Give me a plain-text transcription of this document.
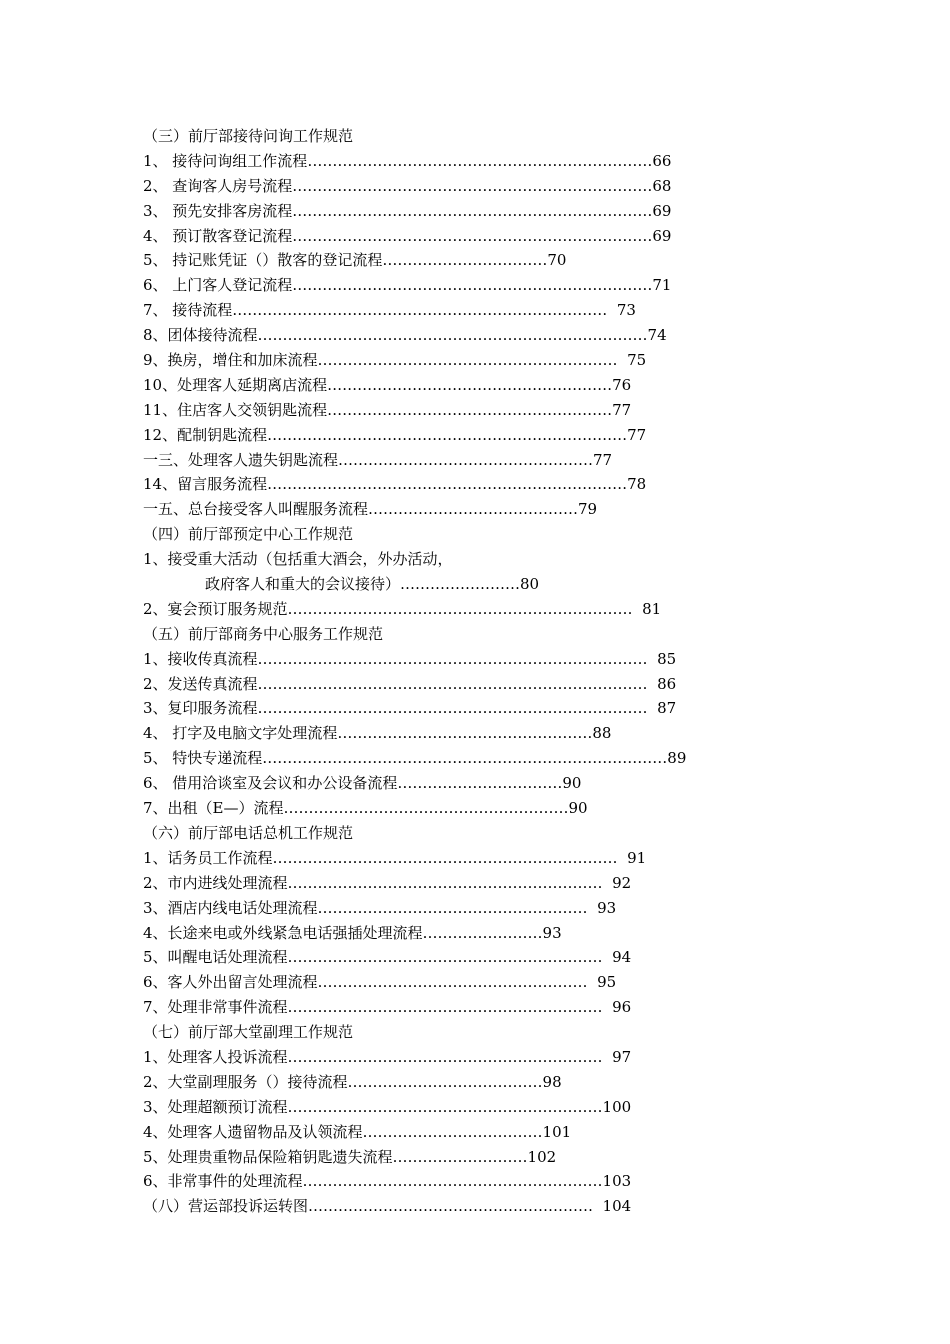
（三）前厅部接待问询工作规范
1、 接待问询组工作流程……………………………………………………………66
2、 查询客人房号流程………………………………………………………………68
3、 预先安排客房流程………………………………………………………………69
4、 预订散客登记流程………………………………………………………………69
5、 持记账凭证（）散客的登记流程……………………………70
6、 上门客人登记流程………………………………………………………………71
7、 接待流程…………………………………………………………………  73
8、团体接待流程……………………………………………………………………74
9、换房，增住和加床流程……………………………………………………  75
10、处理客人延期离店流程…………………………………………………76
11、住店客人交领钥匙流程…………………………………………………77
12、配制钥匙流程………………………………………………………………77
一三、处理客人遗失钥匙流程……………………………………………77
14、留言服务流程………………………………………………………………78
一五、总台接受客人叫醒服务流程……………………………………79
（四）前厅部预定中心工作规范
1、接受重大活动（包括重大酒会，外办活动，
政府客人和重大的会议接待）……………………80
2、宴会预订服务规范……………………………………………………………  81
（五）前厅部商务中心服务工作规范
1、接收传真流程……………………………………………………………………  85
2、发送传真流程……………………………………………………………………  86
3、复印服务流程……………………………………………………………………  87
4、 打字及电脑文字处理流程……………………………………………88
5、 特快专递流程………………………………………………………………………89
6、 借用洽谈室及会议和办公设备流程……………………………90
7、出租（E—）流程…………………………………………………90
（六）前厅部电话总机工作规范
1、话务员工作流程……………………………………………………………  91
2、市内进线处理流程………………………………………………………  92
3、酒店内线电话处理流程………………………………………………  93
4、长途来电或外线紧急电话强插处理流程……………………93
5、叫醒电话处理流程………………………………………………………  94
6、客人外出留言处理流程………………………………………………  95
7、处理非常事件流程………………………………………………………  96
（七）前厅部大堂副理工作规范
1、处理客人投诉流程………………………………………………………  97
2、大堂副理服务（）接待流程…………………………………98
3、处理超额预订流程………………………………………………………100
4、处理客人遗留物品及认领流程………………………………101
5、处理贵重物品保险箱钥匙遗失流程………………………102
6、非常事件的处理流程……………………………………………………103
（八）营运部投诉运转图…………………………………………………  104
